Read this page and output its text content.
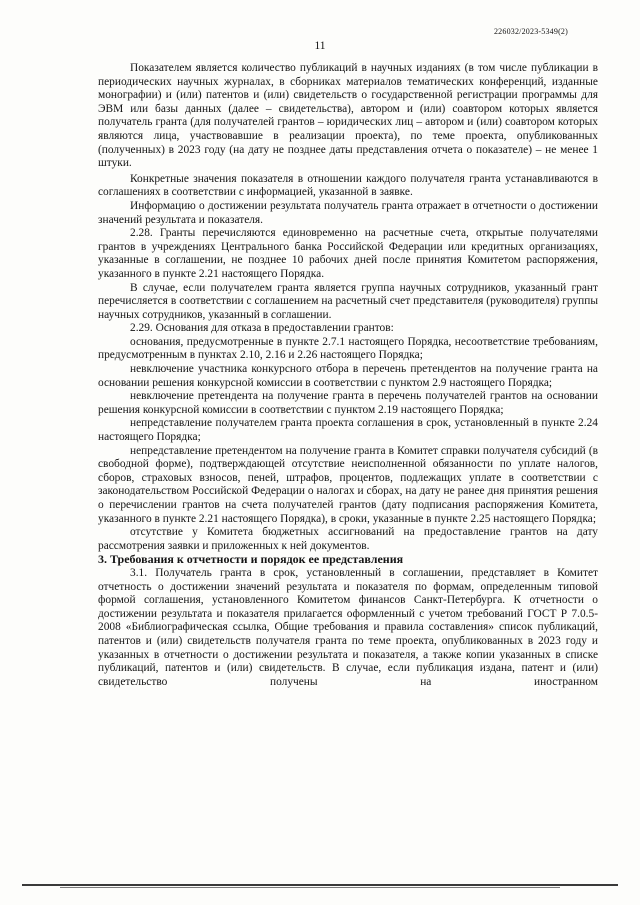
226032/2023-5349(2)
11

Показателем является количество публикаций в научных изданиях (в том числе публикации в периодических научных журналах, в сборниках материалов тематических конференций, изданные монографии) и (или) патентов и (или) свидетельств о государственной регистрации программы для ЭВМ или базы данных (далее – свидетельства), автором и (или) соавтором которых является получатель гранта (для получателей грантов – юридических лиц – автором и (или) соавтором которых являются лица, участвовавшие в реализации проекта), по теме проекта, опубликованных (полученных) в 2023 году (на дату не позднее даты представления отчета о показателе) – не менее 1 штуки.

Конкретные значения показателя в отношении каждого получателя гранта устанавливаются в соглашениях в соответствии с информацией, указанной в заявке.

Информацию о достижении результата получатель гранта отражает в отчетности о достижении значений результата и показателя.

2.28. Гранты перечисляются единовременно на расчетные счета, открытые получателями грантов в учреждениях Центрального банка Российской Федерации или кредитных организациях, указанные в соглашении, не позднее 10 рабочих дней после принятия Комитетом распоряжения, указанного в пункте 2.21 настоящего Порядка.

В случае, если получателем гранта является группа научных сотрудников, указанный грант перечисляется в соответствии с соглашением на расчетный счет представителя (руководителя) группы научных сотрудников, указанный в соглашении.

2.29. Основания для отказа в предоставлении грантов:

основания, предусмотренные в пункте 2.7.1 настоящего Порядка, несоответствие требованиям, предусмотренным в пунктах 2.10, 2.16 и 2.26 настоящего Порядка;

невключение участника конкурсного отбора в перечень претендентов на получение гранта на основании решения конкурсной комиссии в соответствии с пунктом 2.9 настоящего Порядка;

невключение претендента на получение гранта в перечень получателей грантов на основании решения конкурсной комиссии в соответствии с пунктом 2.19 настоящего Порядка;

непредставление получателем гранта проекта соглашения в срок, установленный в пункте 2.24 настоящего Порядка;

непредставление претендентом на получение гранта в Комитет справки получателя субсидий (в свободной форме), подтверждающей отсутствие неисполненной обязанности по уплате налогов, сборов, страховых взносов, пеней, штрафов, процентов, подлежащих уплате в соответствии с законодательством Российской Федерации о налогах и сборах, на дату не ранее дня принятия решения о перечислении грантов на счета получателей грантов (дату подписания распоряжения Комитета, указанного в пункте 2.21 настоящего Порядка), в сроки, указанные в пункте 2.25 настоящего Порядка;

отсутствие у Комитета бюджетных ассигнований на предоставление грантов на дату рассмотрения заявки и приложенных к ней документов.

3. Требования к отчетности и порядок ее представления

3.1. Получатель гранта в срок, установленный в соглашении, представляет в Комитет отчетность о достижении значений результата и показателя по формам, определенным типовой формой соглашения, установленного Комитетом финансов Санкт-Петербурга. К отчетности о достижении результата и показателя прилагается оформленный с учетом требований ГОСТ Р 7.0.5-2008 «Библиографическая ссылка, Общие требования и правила составления» список публикаций, патентов и (или) свидетельств получателя гранта по теме проекта, опубликованных в 2023 году и указанных в отчетности о достижении результата и показателя, а также копии указанных в списке публикаций, патентов и (или) свидетельств. В случае, если публикация издана, патент и (или) свидетельство получены на иностранном
